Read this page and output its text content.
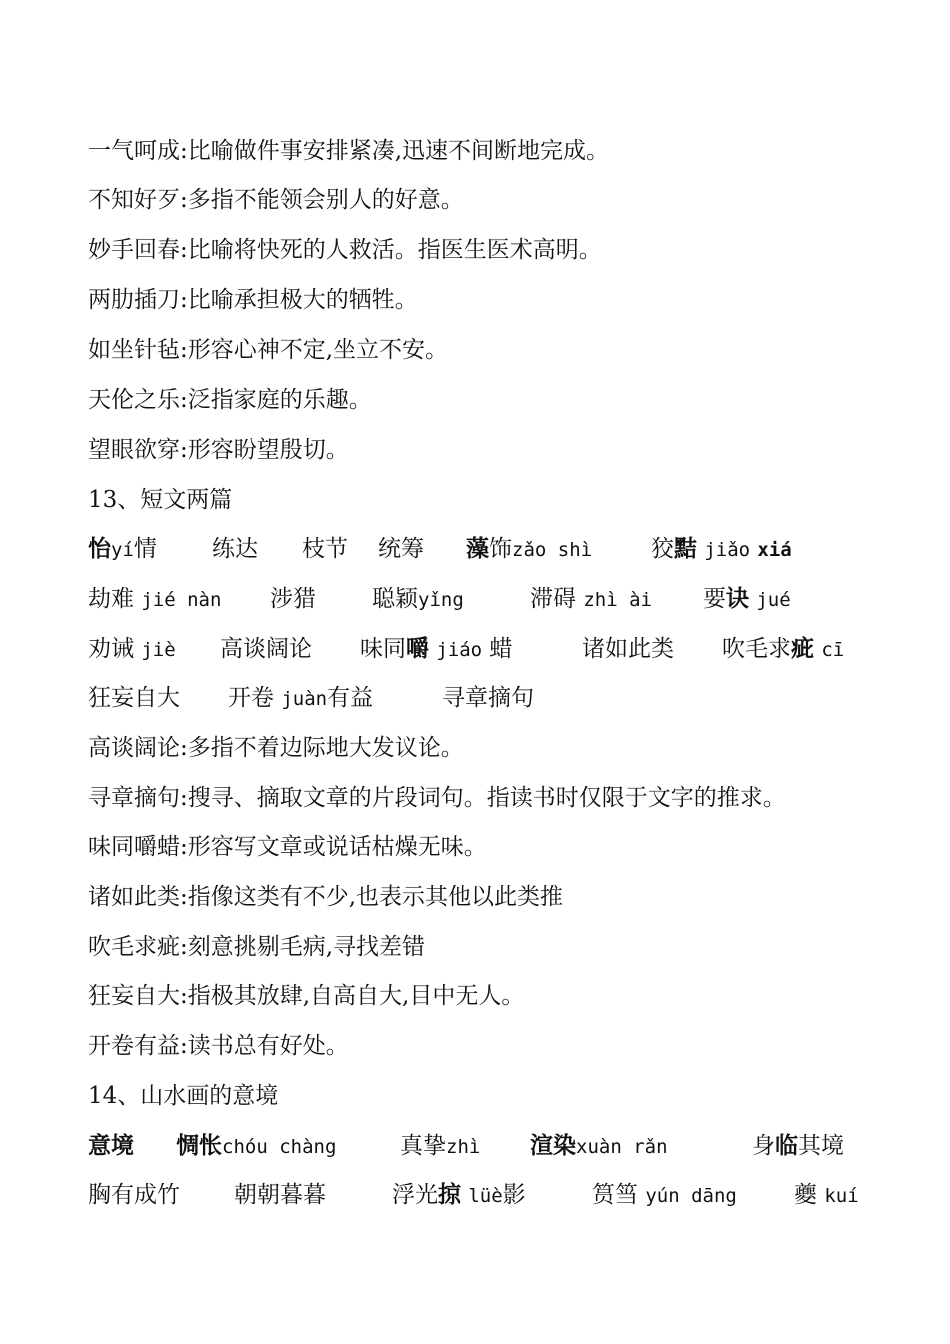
一气呵成:比喻做件事安排紧凑,迅速不间断地完成。
不知好歹:多指不能领会别人的好意。
妙手回春:比喻将快死的人救活。指医生医术高明。
两肋插刀:比喻承担极大的牺牲。
如坐针毡:形容心神不定,坐立不安。
天伦之乐:泛指家庭的乐趣。
望眼欲穿:形容盼望殷切。
13、短文两篇
怡yí情 练达 枝节 统筹 藻饰zǎo shì	狡黠 jiǎo xiá
劫难 jié nàn 涉猎 聪颖yǐng	滞碍 zhì ài 要诀 jué
劝诫 jiè 高谈阔论 味同嚼 jiáo 蜡	诸如此类 吹毛求疵 cī
狂妄自大 开卷 juàn有益	寻章摘句
高谈阔论:多指不着边际地大发议论。
寻章摘句:搜寻、摘取文章的片段词句。指读书时仅限于文字的推求。
味同嚼蜡:形容写文章或说话枯燥无味。
诸如此类:指像这类有不少,也表示其他以此类推
吹毛求疵:刻意挑剔毛病,寻找差错
狂妄自大:指极其放肆,自高自大,目中无人。
开卷有益:读书总有好处。
14、山水画的意境
意境 惆怅chóu chàng	真挚zhì 渲染xuàn rǎn	身临其境
胸有成竹 朝朝暮暮	浮光掠 lüè影	筼筜 yún dāng 夔 kuí
